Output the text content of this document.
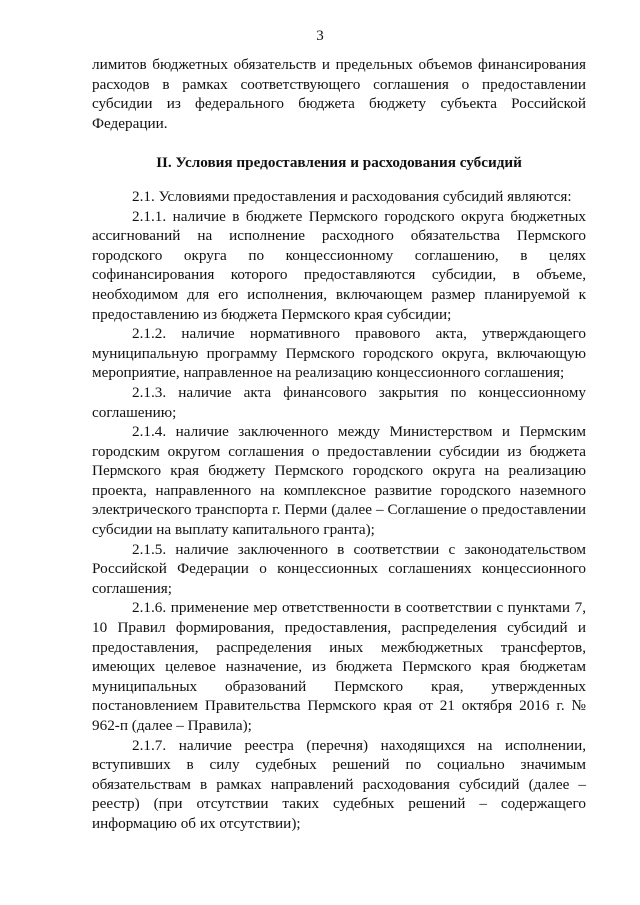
3

лимитов бюджетных обязательств и предельных объемов финансирования расходов в рамках соответствующего соглашения о предоставлении субсидии из федерального бюджета бюджету субъекта Российской Федерации.

II. Условия предоставления и расходования субсидий

2.1. Условиями предоставления и расходования субсидий являются:

2.1.1. наличие в бюджете Пермского городского округа бюджетных ассигнований на исполнение расходного обязательства Пермского городского округа по концессионному соглашению, в целях софинансирования которого предоставляются субсидии, в объеме, необходимом для его исполнения, включающем размер планируемой к предоставлению из бюджета Пермского края субсидии;

2.1.2. наличие нормативного правового акта, утверждающего муниципальную программу Пермского городского округа, включающую мероприятие, направленное на реализацию концессионного соглашения;

2.1.3. наличие акта финансового закрытия по концессионному соглашению;

2.1.4. наличие заключенного между Министерством и Пермским городским округом соглашения о предоставлении субсидии из бюджета Пермского края бюджету Пермского городского округа на реализацию проекта, направленного на комплексное развитие городского наземного электрического транспорта г. Перми (далее – Соглашение о предоставлении субсидии на выплату капитального гранта);

2.1.5. наличие заключенного в соответствии с законодательством Российской Федерации о концессионных соглашениях концессионного соглашения;

2.1.6. применение мер ответственности в соответствии с пунктами 7, 10 Правил формирования, предоставления, распределения субсидий и предоставления, распределения иных межбюджетных трансфертов, имеющих целевое назначение, из бюджета Пермского края бюджетам муниципальных образований Пермского края, утвержденных постановлением Правительства Пермского края от 21 октября 2016 г. № 962-п (далее – Правила);

2.1.7. наличие реестра (перечня) находящихся на исполнении, вступивших в силу судебных решений по социально значимым обязательствам в рамках направлений расходования субсидий (далее – реестр) (при отсутствии таких судебных решений – содержащего информацию об их отсутствии);
